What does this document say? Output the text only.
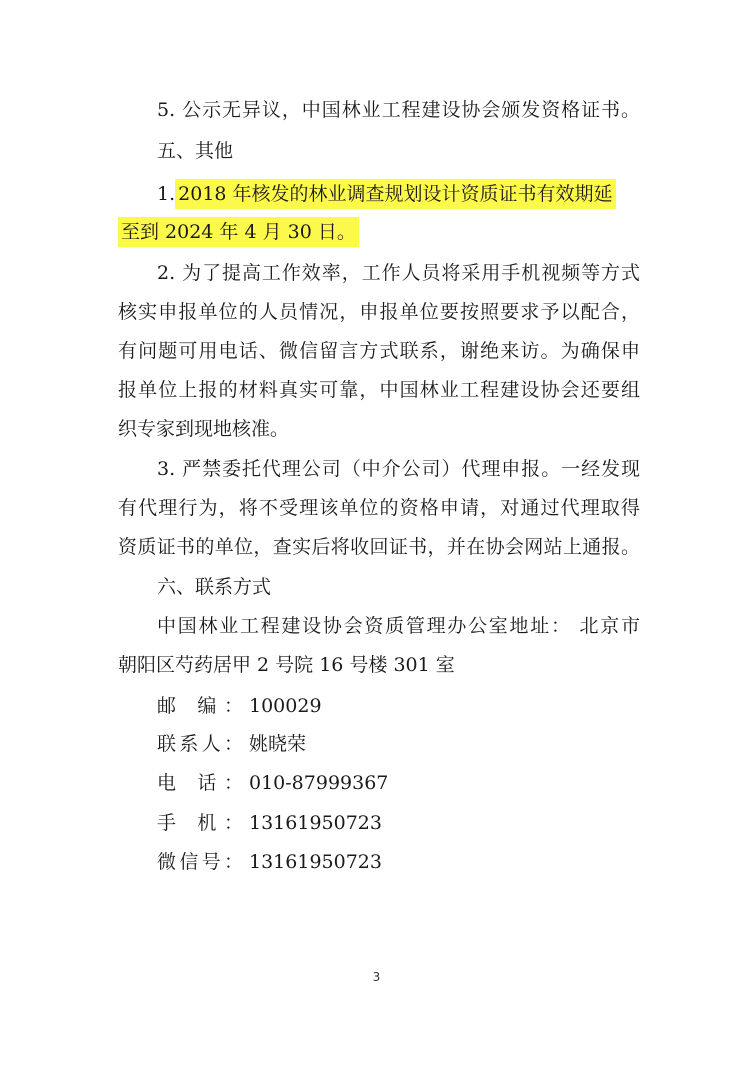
5. 公示无异议，中国林业工程建设协会颁发资格证书。
五、其他
1. 2018 年核发的林业调查规划设计资质证书有效期延
至到 2024 年 4 月 30 日。
2. 为了提高工作效率，工作人员将采用手机视频等方式
核实申报单位的人员情况，申报单位要按照要求予以配合，
有问题可用电话、微信留言方式联系，谢绝来访。为确保申
报单位上报的材料真实可靠，中国林业工程建设协会还要组
织专家到现地核准。
3. 严禁委托代理公司（中介公司）代理申报。一经发现
有代理行为，将不受理该单位的资格申请，对通过代理取得
资质证书的单位，查实后将收回证书，并在协会网站上通报。
六、联系方式
中国林业工程建设协会资质管理办公室地址： 北京市
朝阳区芍药居甲 2 号院 16 号楼 301 室
邮 编： 100029
联系人： 姚晓荣
电 话： 010-87999367
手 机： 13161950723
微信号： 13161950723
3
